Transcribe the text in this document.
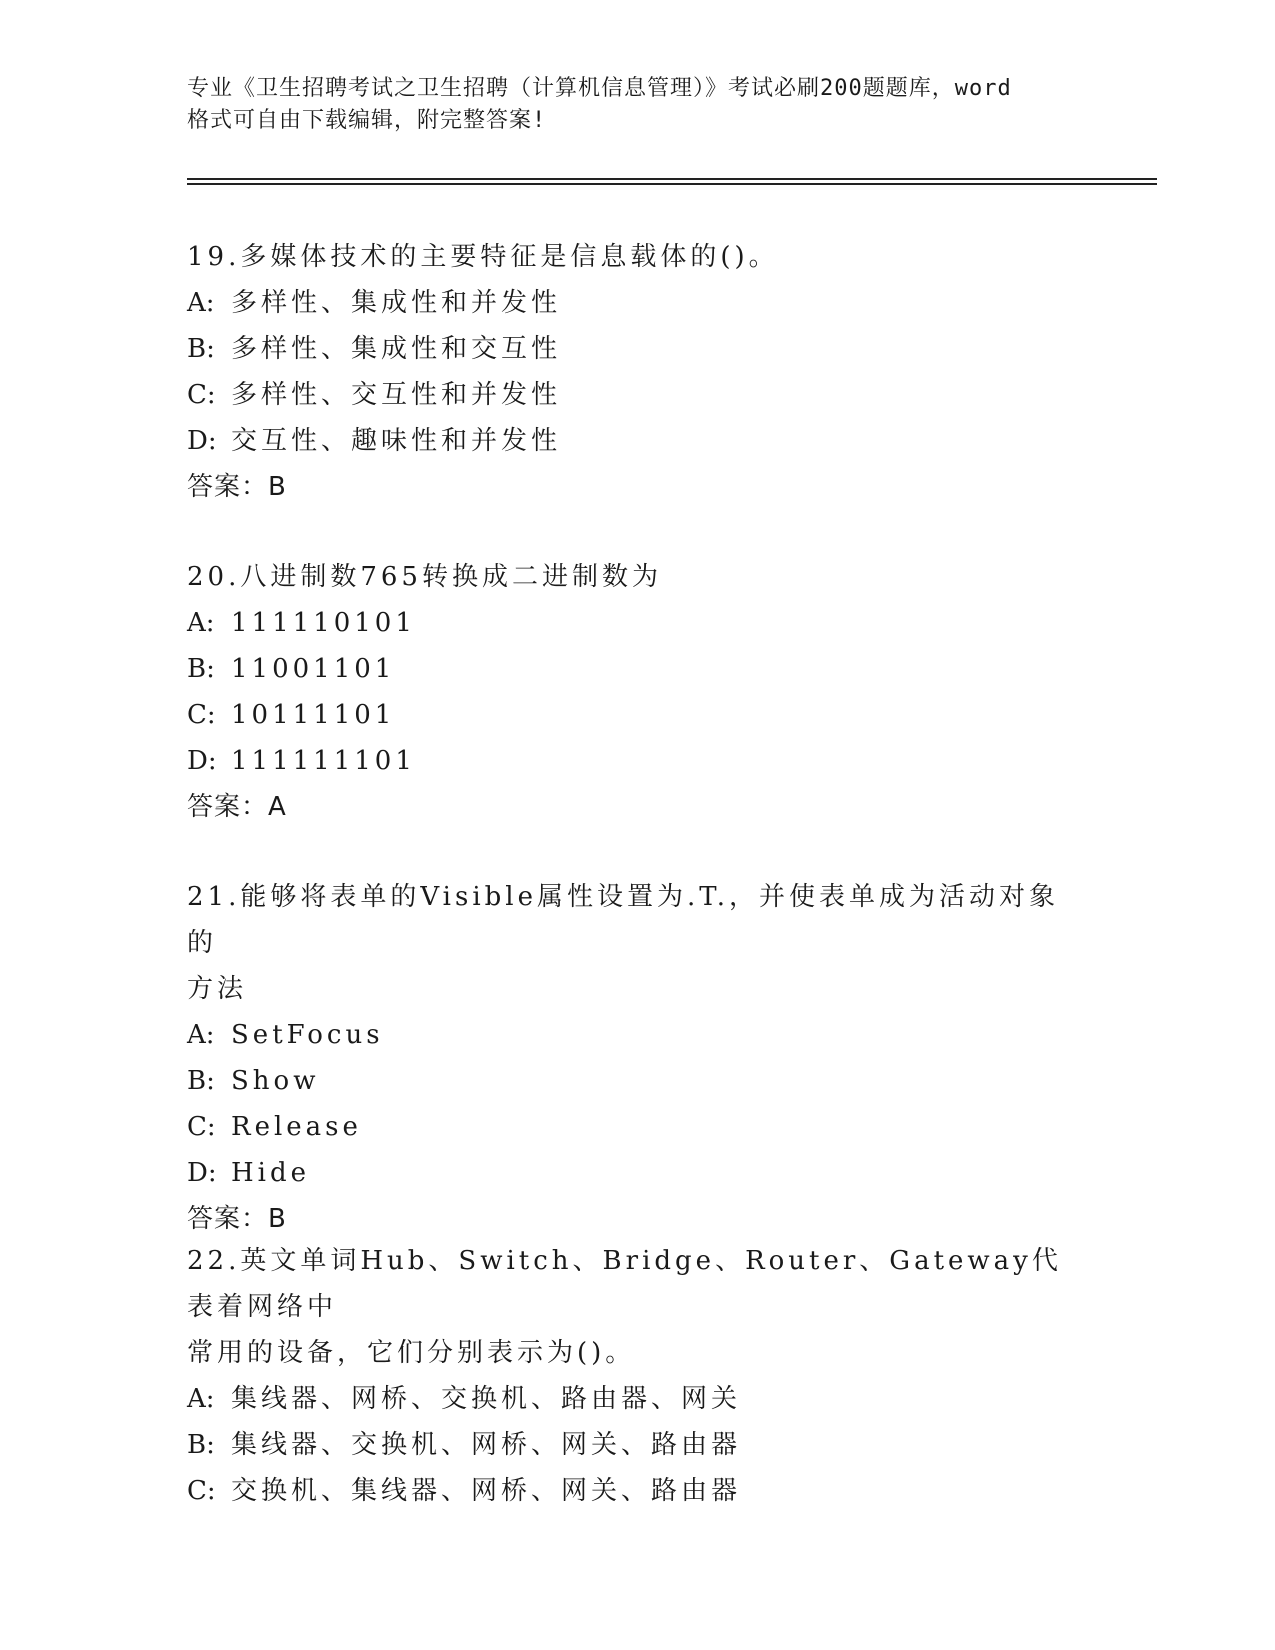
专业《卫生招聘考试之卫生招聘（计算机信息管理）》考试必刷200题题库，word
格式可自由下载编辑，附完整答案!

19.多媒体技术的主要特征是信息载体的()。

A: 多样性、集成性和并发性

B: 多样性、集成性和交互性

C: 多样性、交互性和并发性

D: 交互性、趣味性和并发性

答案：B

20.八进制数765转换成二进制数为

A: 111110101

B: 11001101

C: 10111101

D: 111111101

答案：A

21.能够将表单的Visible属性设置为.T.，并使表单成为活动对象的

方法

A: SetFocus

B: Show

C: Release

D: Hide

答案：B

22.英文单词Hub、Switch、Bridge、Router、Gateway代表着网络中

常用的设备，它们分别表示为()。

A: 集线器、网桥、交换机、路由器、网关

B: 集线器、交换机、网桥、网关、路由器

C: 交换机、集线器、网桥、网关、路由器
